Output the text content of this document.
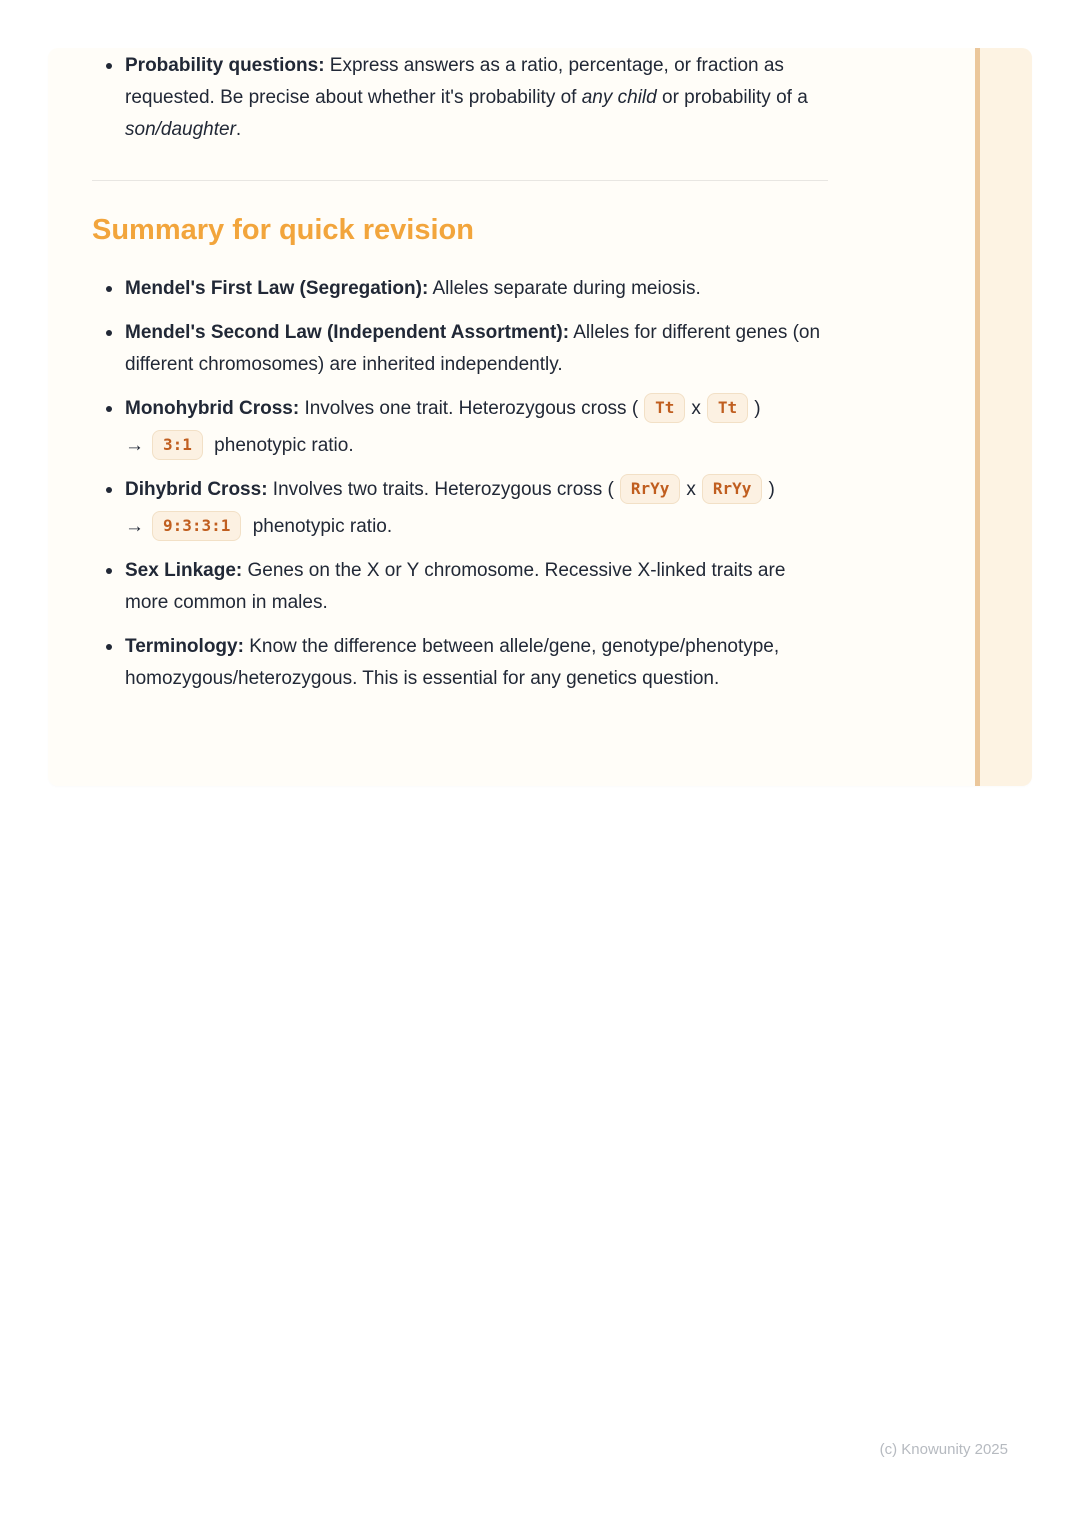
Probability questions: Express answers as a ratio, percentage, or fraction as requested. Be precise about whether it's probability of any child or probability of a son/daughter.
Summary for quick revision
Mendel's First Law (Segregation): Alleles separate during meiosis.
Mendel's Second Law (Independent Assortment): Alleles for different genes (on different chromosomes) are inherited independently.
Monohybrid Cross: Involves one trait. Heterozygous cross ( Tt x Tt )
→ 3:1 phenotypic ratio.
Dihybrid Cross: Involves two traits. Heterozygous cross ( RrYy x RrYy )
→ 9:3:3:1 phenotypic ratio.
Sex Linkage: Genes on the X or Y chromosome. Recessive X-linked traits are more common in males.
Terminology: Know the difference between allele/gene, genotype/phenotype, homozygous/heterozygous. This is essential for any genetics question.
(c) Knowunity 2025
